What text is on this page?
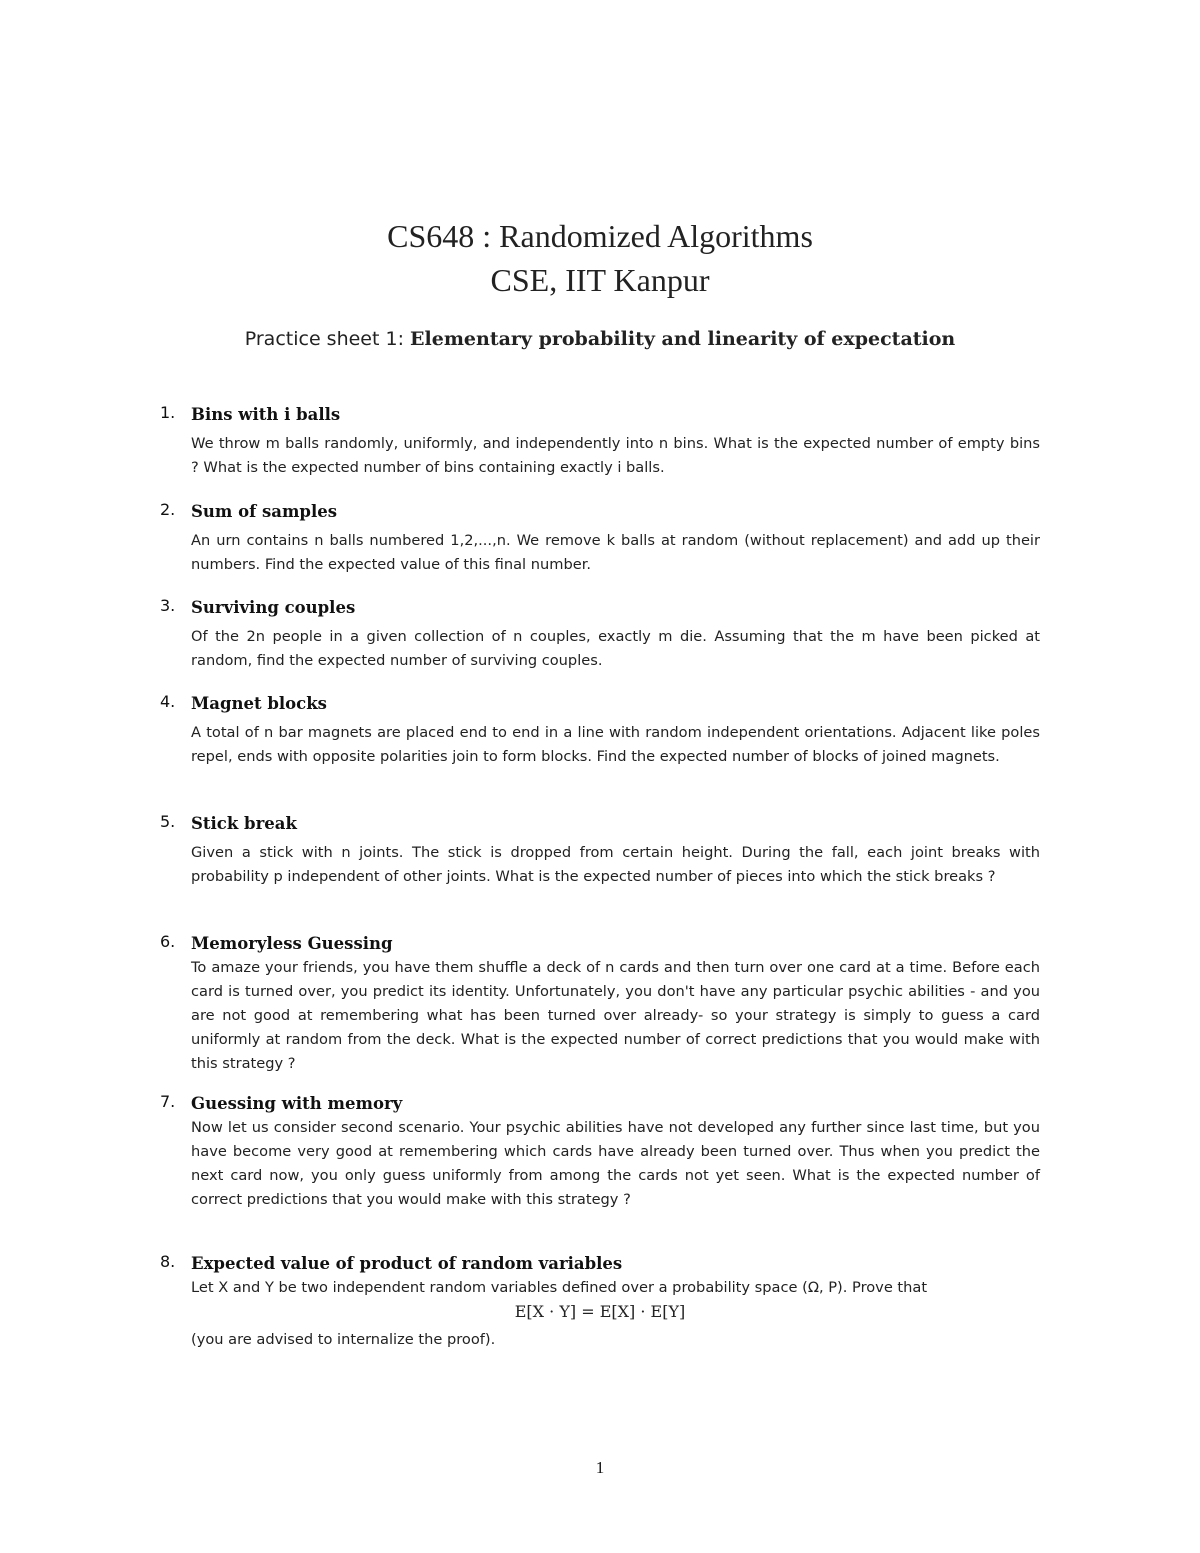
CS648 : Randomized Algorithms
CSE, IIT Kanpur
Practice sheet 1: Elementary probability and linearity of expectation
1. Bins with i balls
We throw m balls randomly, uniformly, and independently into n bins. What is the expected number of empty bins ? What is the expected number of bins containing exactly i balls.
2. Sum of samples
An urn contains n balls numbered 1,2,...,n. We remove k balls at random (without replacement) and add up their numbers. Find the expected value of this final number.
3. Surviving couples
Of the 2n people in a given collection of n couples, exactly m die. Assuming that the m have been picked at random, find the expected number of surviving couples.
4. Magnet blocks
A total of n bar magnets are placed end to end in a line with random independent orientations. Adjacent like poles repel, ends with opposite polarities join to form blocks. Find the expected number of blocks of joined magnets.
5. Stick break
Given a stick with n joints. The stick is dropped from certain height. During the fall, each joint breaks with probability p independent of other joints. What is the expected number of pieces into which the stick breaks ?
6. Memoryless Guessing
To amaze your friends, you have them shuffle a deck of n cards and then turn over one card at a time. Before each card is turned over, you predict its identity. Unfortunately, you don't have any particular psychic abilities - and you are not good at remembering what has been turned over already- so your strategy is simply to guess a card uniformly at random from the deck. What is the expected number of correct predictions that you would make with this strategy ?
7. Guessing with memory
Now let us consider second scenario. Your psychic abilities have not developed any further since last time, but you have become very good at remembering which cards have already been turned over. Thus when you predict the next card now, you only guess uniformly from among the cards not yet seen. What is the expected number of correct predictions that you would make with this strategy ?
8. Expected value of product of random variables
Let X and Y be two independent random variables defined over a probability space (Ω, P). Prove that
E[X · Y] = E[X] · E[Y]
(you are advised to internalize the proof).
1
